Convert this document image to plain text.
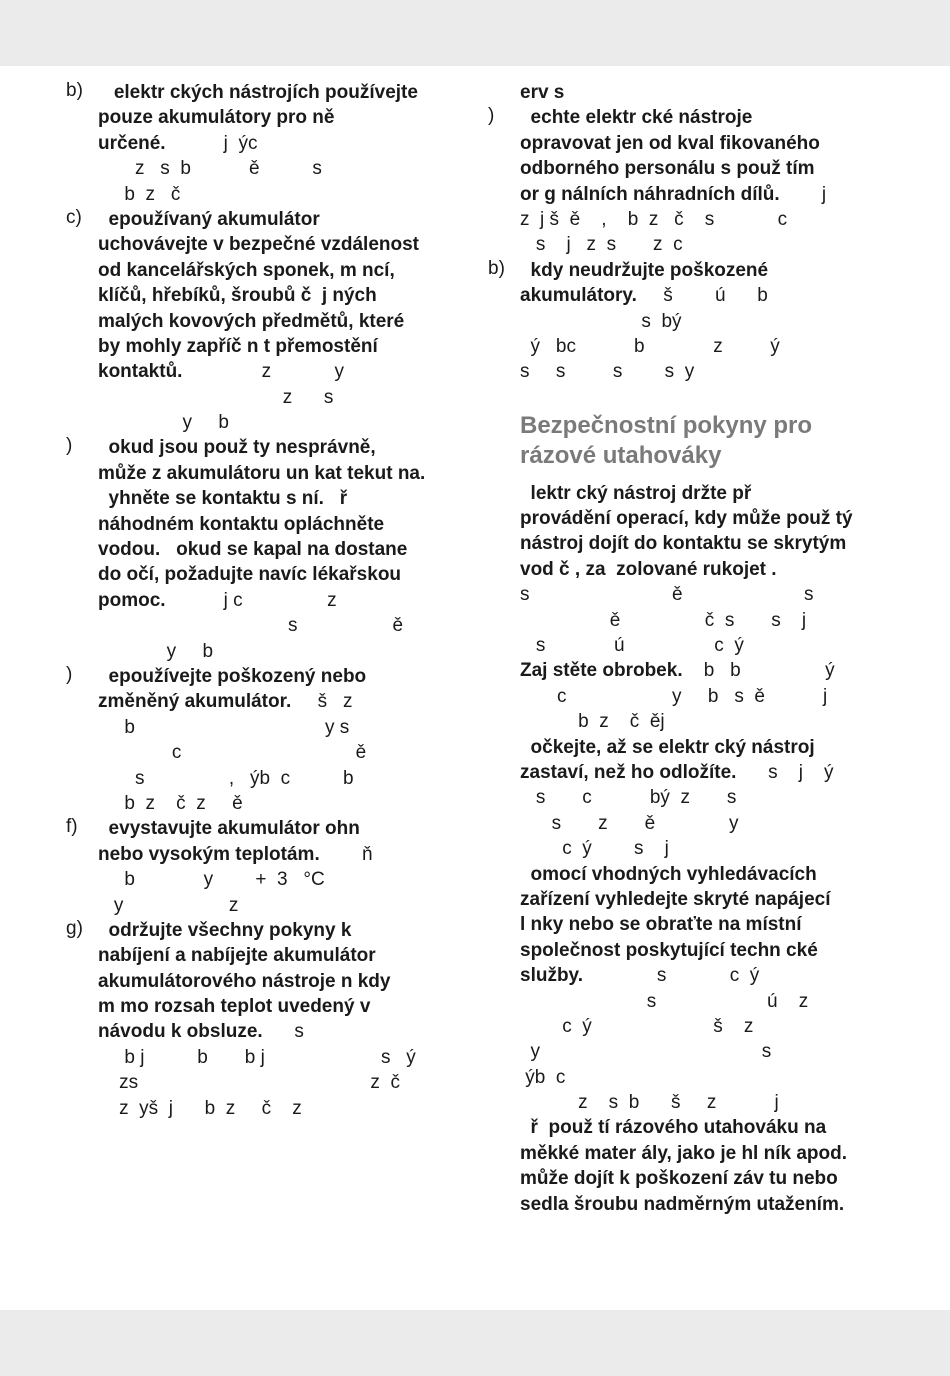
b) elektr ckých nástrojích používejte
pouze akumulátory pro ně
určené.           j  ýc
z   s  b           ě          s
b  z   č
c) epoužívaný akumulátor
uchovávejte v bezpečné vzdálenost
od kancelářských sponek, m ncí,
klíčů, hřebíků, šroubů č  j ných
malých kovových předmětů, které
by mohly zapříč n t přemostění
kontaktů.               z            y
z      s
y     b
)	okud jsou použ ty nesprávně,
může z akumulátoru un kat tekut na.
yhněte se kontaktu s ní.   ř
náhodném kontaktu opláchněte
vodou.   okud se kapal na dostane
do očí, požadujte navíc lékařskou
pomoc.           j c                z
s                  ě
y     b
)	epoužívejte poškozený nebo
změněný akumulátor.     š   z
b                                    y s
c                                 ě
s                ,   ýb  c          b
b  z    č  z     ě
f)	evystavujte akumulátor ohn
nebo vysokým teplotám.        ň
b             y        +  3   °C
y                    z
g) održujte všechny pokyny k
nabíjení a nabíjejte akumulátor
akumulátorového nástroje n kdy
m mo rozsah teplot uvedený v
návodu k obsluze.      s
b j          b       b j                      s   ý
zs                                            z  č
z  yš  j      b  z     č    z
erv s
)	echte elektr cké nástroje
opravovat jen od kval fikovaného
odborného personálu s použ tím
or g nálních náhradních dílů.        j
z  j š  ě    ,    b  z   č    s            c
s    j   z  s       z  c
b) kdy neudržujte poškozené
akumulátory.     š        ú      b
s  bý
ý   bc           b             z         ý
s     s         s        s  y
Bezpečnostní pokyny pro
rázové utahováky
lektr cký nástroj držte př
provádění operací, kdy může použ tý
nástroj dojít do kontaktu se skrytým
vod č , za  zolované rukojet .
s                           ě                       s
ě                č  s       s    j
s             ú                 c  ý
Zaj stěte obrobek.    b   b                ý
c                    y     b   s  ě           j
b  z    č  ěj
očkejte, až se elektr cký nástroj
zastaví, než ho odložíte.      s    j    ý
s       c           bý  z       s
s       z       ě              y
c  ý        s    j
omocí vhodných vyhledávacích
zařízení vyhledejte skryté napájecí
l nky nebo se obraťte na místní
společnost poskytující techn cké
služby.              s            c  ý
s                     ú    z
c  ý                       š    z
y                                          s
ýb  c
z    s  b      š     z           j
ř  použ tí rázového utahováku na
měkké mater ály, jako je hl ník apod.
může dojít k poškození záv tu nebo
sedla šroubu nadměrným utažením.
